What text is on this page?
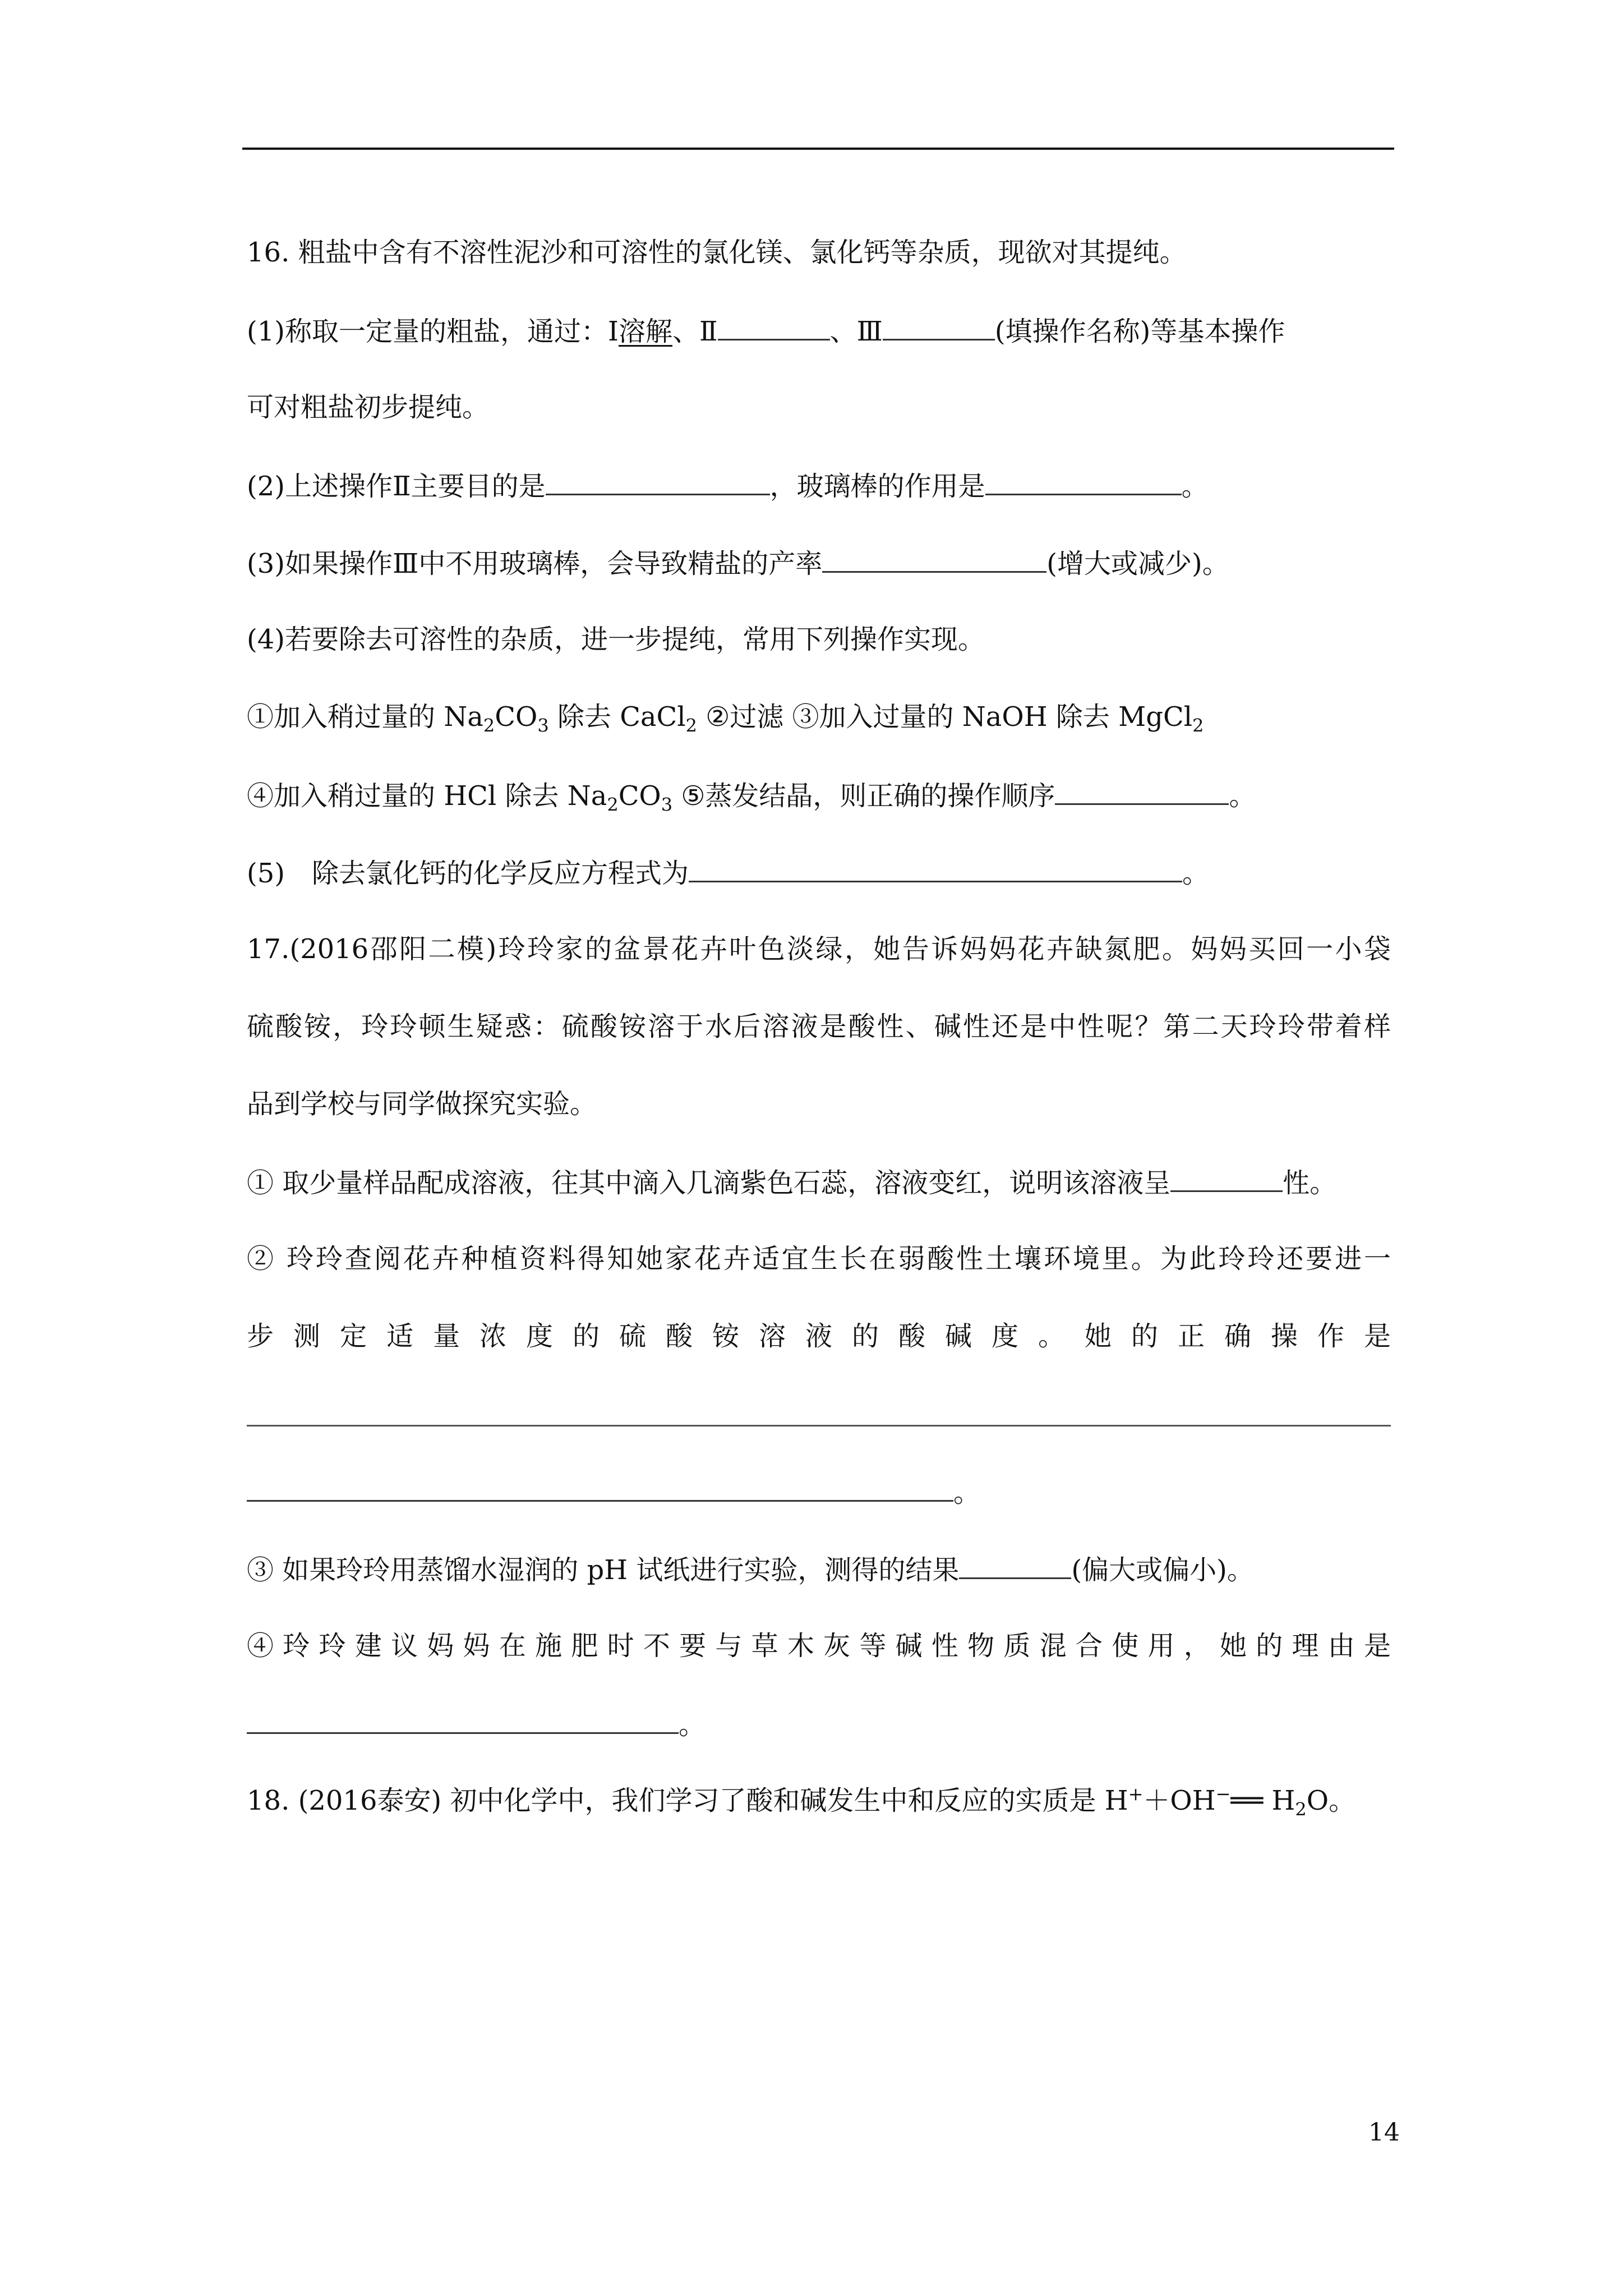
16. 粗盐中含有不溶性泥沙和可溶性的氯化镁、氯化钙等杂质，现欲对其提纯。
(1)称取一定量的粗盐，通过：Ⅰ溶解、Ⅱ	、Ⅲ	(填操作名称)等基本操作
可对粗盐初步提纯。
(2)上述操作Ⅱ主要目的是	，玻璃棒的作用是	。
(3)如果操作Ⅲ中不用玻璃棒，会导致精盐的产率	(增大或减少)。
(4)若要除去可溶性的杂质，进一步提纯，常用下列操作实现。
①加入稍过量的 $Na_2CO_3$ 除去 CaCl$_2$ ②过滤 ③加入过量的 NaOH 除去 MgCl$_2$
④加入稍过量的 HCl 除去 $Na_2CO_3$ ⑤蒸发结晶，则正确的操作顺序	。
(5)　除去氯化钙的化学反应方程式为	。
17.(2016邵阳二模)玲玲家的盆景花卉叶色淡绿，她告诉妈妈花卉缺氮肥。妈妈买回一小袋
硫酸铵，玲玲顿生疑惑：硫酸铵溶于水后溶液是酸性、碱性还是中性呢？第二天玲玲带着样
品到学校与同学做探究实验。
① 取少量样品配成溶液，往其中滴入几滴紫色石蕊，溶液变红，说明该溶液呈	性。
② 玲玲查阅花卉种植资料得知她家花卉适宜生长在弱酸性土壤环境里。为此玲玲还要进一
步 测 定 适 量 浓 度 的 硫 酸 铵 溶 液 的 酸 碱 度 。 她 的 正 确 操 作 是
。
③ 如果玲玲用蒸馏水湿润的 pH 试纸进行实验，测得的结果	(偏大或偏小)。
④ 玲 玲 建 议 妈 妈 在 施 肥 时 不 要 与 草 木 灰 等 碱 性 物 质 混 合 使 用 ， 她 的 理 由 是
。
18. (2016泰安) 初中化学中，我们学习了酸和碱发生中和反应的实质是 H+＋OH−══ $H_2O$。
14
